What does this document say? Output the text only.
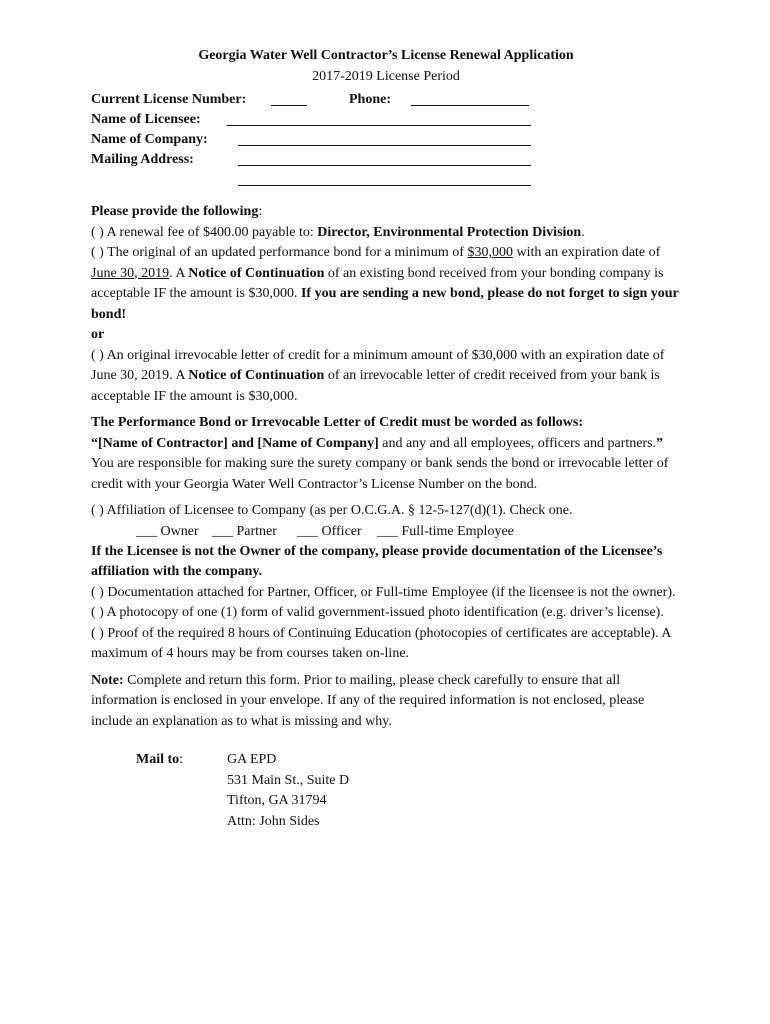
Georgia Water Well Contractor’s License Renewal Application
2017-2019 License Period
Current License Number:	Phone:
Name of Licensee:
Name of Company:
Mailing Address:

Please provide the following:

( ) A renewal fee of $400.00 payable to: Director, Environmental Protection Division.

( ) The original of an updated performance bond for a minimum of $30,000 with an expiration date of June 30, 2019. A Notice of Continuation of an existing bond received from your bonding company is acceptable IF the amount is $30,000. If you are sending a new bond, please do not forget to sign your bond!

or

( ) An original irrevocable letter of credit for a minimum amount of $30,000 with an expiration date of June 30, 2019. A Notice of Continuation of an irrevocable letter of credit received from your bank is acceptable IF the amount is $30,000.

The Performance Bond or Irrevocable Letter of Credit must be worded as follows:

“[Name of Contractor] and [Name of Company] and any and all employees, officers and partners.” You are responsible for making sure the surety company or bank sends the bond or irrevocable letter of credit with your Georgia Water Well Contractor’s License Number on the bond.

( ) Affiliation of Licensee to Company (as per O.C.G.A. § 12-5-127(d)(1). Check one.

___ Owner ___ Partner ___ Officer ___ Full-time Employee

If the Licensee is not the Owner of the company, please provide documentation of the Licensee’s affiliation with the company.

( ) Documentation attached for Partner, Officer, or Full-time Employee (if the licensee is not the owner).

( ) A photocopy of one (1) form of valid government-issued photo identification (e.g. driver’s license).

( ) Proof of the required 8 hours of Continuing Education (photocopies of certificates are acceptable). A maximum of 4 hours may be from courses taken on-line.

Note: Complete and return this form. Prior to mailing, please check carefully to ensure that all information is enclosed in your envelope. If any of the required information is not enclosed, please include an explanation as to what is missing and why.

Mail to:	GA EPD
531 Main St., Suite D
Tifton, GA 31794
Attn: John Sides
